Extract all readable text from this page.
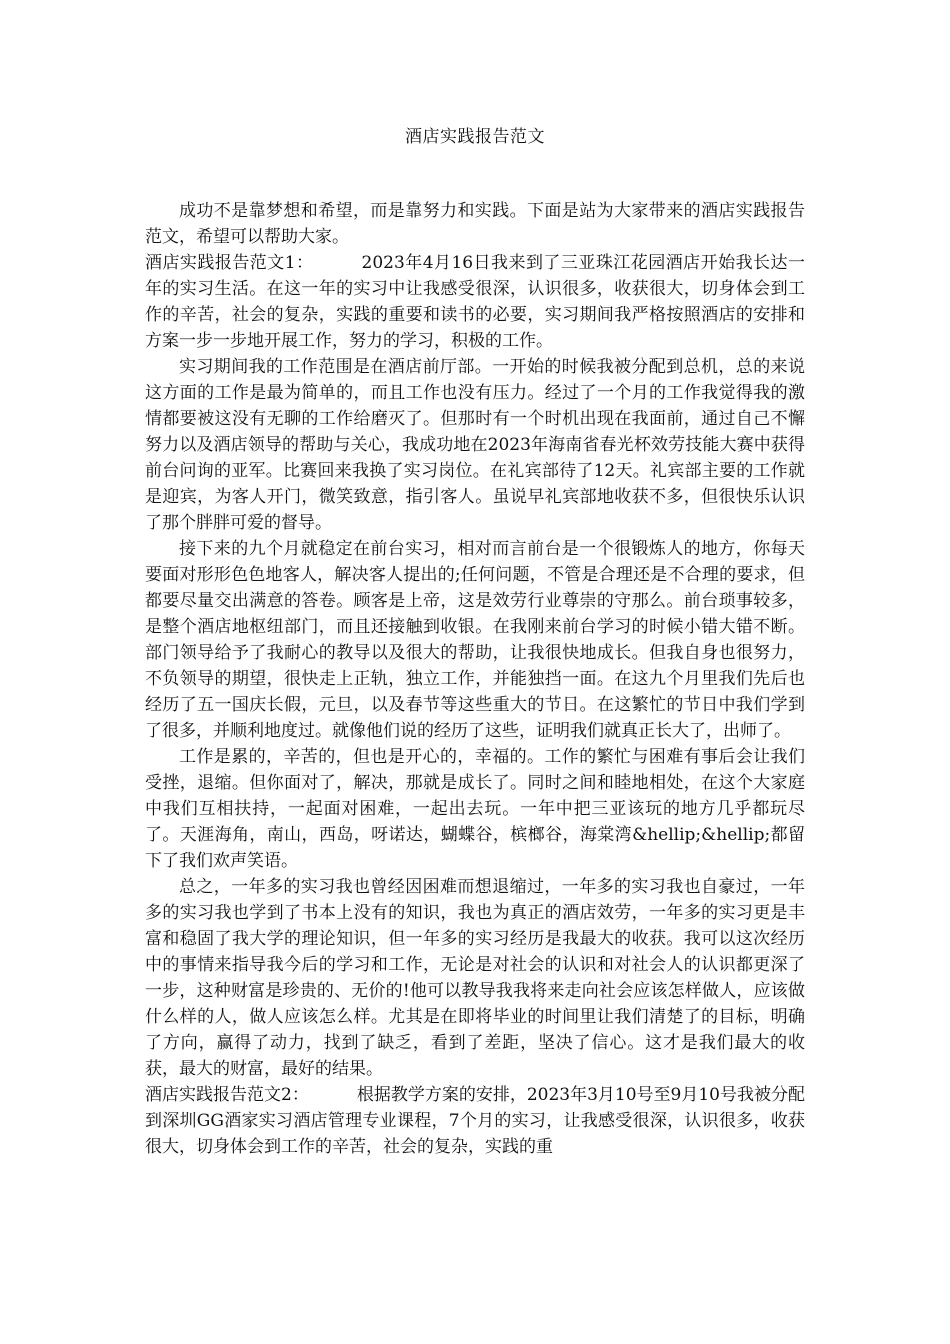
酒店实践报告范文

成功不是靠梦想和希望，而是靠努力和实践。下面是站为大家带来的酒店实践报告范文，希望可以帮助大家。

酒店实践报告范文1：	2023年4月16日我来到了三亚珠江花园酒店开始我长达一年的实习生活。在这一年的实习中让我感受很深，认识很多，收获很大，切身体会到工作的辛苦，社会的复杂，实践的重要和读书的必要，实习期间我严格按照酒店的安排和方案一步一步地开展工作，努力的学习，积极的工作。

实习期间我的工作范围是在酒店前厅部。一开始的时候我被分配到总机，总的来说这方面的工作是最为简单的，而且工作也没有压力。经过了一个月的工作我觉得我的激情都要被这没有无聊的工作给磨灭了。但那时有一个时机出现在我面前，通过自己不懈努力以及酒店领导的帮助与关心，我成功地在2023年海南省春光杯效劳技能大赛中获得前台问询的亚军。比赛回来我换了实习岗位。在礼宾部待了12天。礼宾部主要的工作就是迎宾，为客人开门，微笑致意，指引客人。虽说早礼宾部地收获不多，但很快乐认识了那个胖胖可爱的督导。

接下来的九个月就稳定在前台实习，相对而言前台是一个很锻炼人的地方，你每天要面对形形色色地客人，解决客人提出的;任何问题，不管是合理还是不合理的要求，但都要尽量交出满意的答卷。顾客是上帝，这是效劳行业尊崇的守那么。前台琐事较多，是整个酒店地枢纽部门，而且还接触到收银。在我刚来前台学习的时候小错大错不断。部门领导给予了我耐心的教导以及很大的帮助，让我很快地成长。但我自身也很努力，不负领导的期望，很快走上正轨，独立工作，并能独挡一面。在这九个月里我们先后也经历了五一国庆长假，元旦，以及春节等这些重大的节日。在这繁忙的节日中我们学到了很多，并顺利地度过。就像他们说的经历了这些，证明我们就真正长大了，出师了。

工作是累的，辛苦的，但也是开心的，幸福的。工作的繁忙与困难有事后会让我们受挫，退缩。但你面对了，解决，那就是成长了。同时之间和睦地相处，在这个大家庭中我们互相扶持，一起面对困难，一起出去玩。一年中把三亚该玩的地方几乎都玩尽了。天涯海角，南山，西岛，呀诺达，蝴蝶谷，槟榔谷，海棠湾&hellip;&hellip;都留下了我们欢声笑语。

总之，一年多的实习我也曾经因困难而想退缩过，一年多的实习我也自豪过，一年多的实习我也学到了书本上没有的知识，我也为真正的酒店效劳，一年多的实习更是丰富和稳固了我大学的理论知识，但一年多的实习经历是我最大的收获。我可以这次经历中的事情来指导我今后的学习和工作，无论是对社会的认识和对社会人的认识都更深了一步，这种财富是珍贵的、无价的!他可以教导我我将来走向社会应该怎样做人，应该做什么样的人，做人应该怎么样。尤其是在即将毕业的时间里让我们清楚了的目标，明确了方向，赢得了动力，找到了缺乏，看到了差距，坚决了信心。这才是我们最大的收获，最大的财富，最好的结果。

酒店实践报告范文2：	根据教学方案的安排，2023年3月10号至9月10号我被分配到深圳GG酒家实习酒店管理专业课程，7个月的实习，让我感受很深，认识很多，收获很大，切身体会到工作的辛苦，社会的复杂，实践的重
